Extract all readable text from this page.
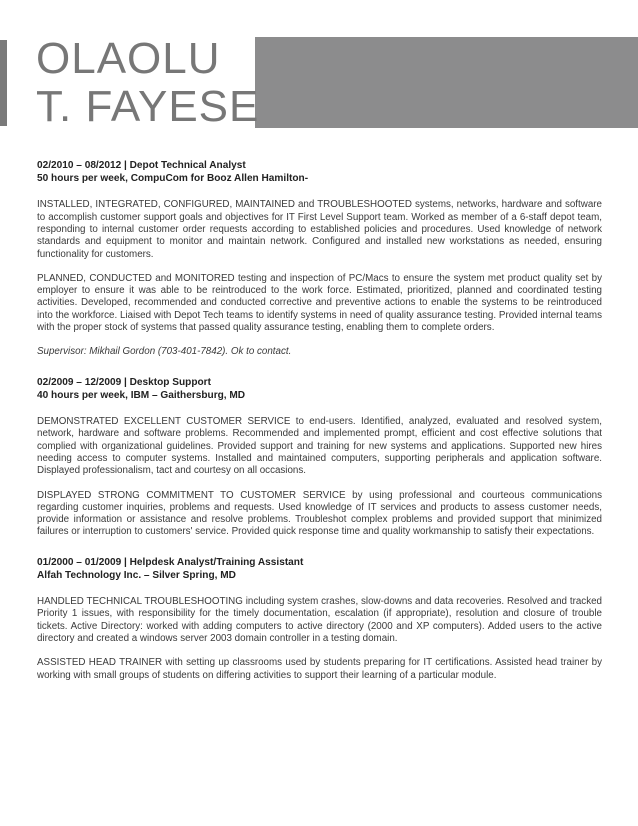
OLAOLU
T. FAYESE
02/2010 – 08/2012 | Depot Technical Analyst
50 hours per week, CompuCom for Booz Allen Hamilton-
INSTALLED, INTEGRATED, CONFIGURED, MAINTAINED and TROUBLESHOOTED systems, networks, hardware and software to accomplish customer support goals and objectives for IT First Level Support team. Worked as member of a 6-staff depot team, responding to internal customer order requests according to established policies and procedures. Used knowledge of network standards and equipment to monitor and maintain network. Configured and installed new workstations as needed, ensuring functionality for customers.
PLANNED, CONDUCTED and MONITORED testing and inspection of PC/Macs to ensure the system met product quality set by employer to ensure it was able to be reintroduced to the work force. Estimated, prioritized, planned and coordinated testing activities. Developed, recommended and conducted corrective and preventive actions to enable the systems to be reintroduced into the workforce. Liaised with Depot Tech teams to identify systems in need of quality assurance testing. Provided internal teams with the proper stock of systems that passed quality assurance testing, enabling them to complete orders.
Supervisor: Mikhail Gordon (703-401-7842). Ok to contact.
02/2009 – 12/2009 | Desktop Support
40 hours per week, IBM – Gaithersburg, MD
DEMONSTRATED EXCELLENT CUSTOMER SERVICE to end-users. Identified, analyzed, evaluated and resolved system, network, hardware and software problems. Recommended and implemented prompt, efficient and cost effective solutions that complied with organizational guidelines. Provided support and training for new systems and applications. Supported new hires needing access to computer systems. Installed and maintained computers, supporting peripherals and application software. Displayed professionalism, tact and courtesy on all occasions.
DISPLAYED STRONG COMMITMENT TO CUSTOMER SERVICE by using professional and courteous communications regarding customer inquiries, problems and requests. Used knowledge of IT services and products to assess customer needs, provide information or assistance and resolve problems. Troubleshot complex problems and provided support that minimized failures or interruption to customers' service. Provided quick response time and quality workmanship to satisfy their expectations.
01/2000 – 01/2009 | Helpdesk Analyst/Training Assistant
Alfah Technology Inc. – Silver Spring, MD
HANDLED TECHNICAL TROUBLESHOOTING including system crashes, slow-downs and data recoveries. Resolved and tracked Priority 1 issues, with responsibility for the timely documentation, escalation (if appropriate), resolution and closure of trouble tickets. Active Directory: worked with adding computers to active directory (2000 and XP computers). Added users to the active directory and created a windows server 2003 domain controller in a testing domain.
ASSISTED HEAD TRAINER with setting up classrooms used by students preparing for IT certifications. Assisted head trainer by working with small groups of students on differing activities to support their learning of a particular module.
